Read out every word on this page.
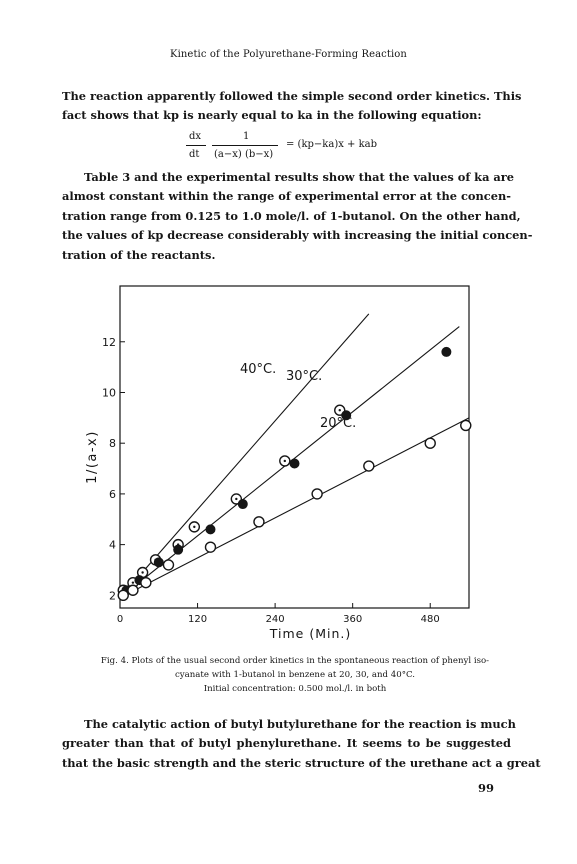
Kinetic of the Polyurethane-Forming Reaction
The reaction apparently followed the simple second order kinetics. This
fact shows that kp is nearly equal to ka in the following equation:
dx
dt
1
(a−x) (b−x)
= (kp−ka)x + kab
Table 3 and the experimental results show that the values of ka are
almost constant within the range of experimental error at the concen-
tration range from 0.125 to 1.0 mole/l. of 1-butanol. On the other hand,
the values of kp decrease considerably with increasing the initial concen-
tration of the reactants.
0	120	240	360	480
2
4
6
8
10
12
Time (Min.)
1/(a-x)
40°C. 30°C.
20°C.
Fig. 4. Plots of the usual second order kinetics in the spontaneous reaction of phenyl iso-
cyanate with 1-butanol in benzene at 20, 30, and 40°C.
Initial concentration: 0.500 mol./l. in both
The catalytic action of butyl butylurethane for the reaction is much
greater than that of butyl phenylurethane. It seems to be suggested
that the basic strength and the steric structure of the urethane act a great
99
